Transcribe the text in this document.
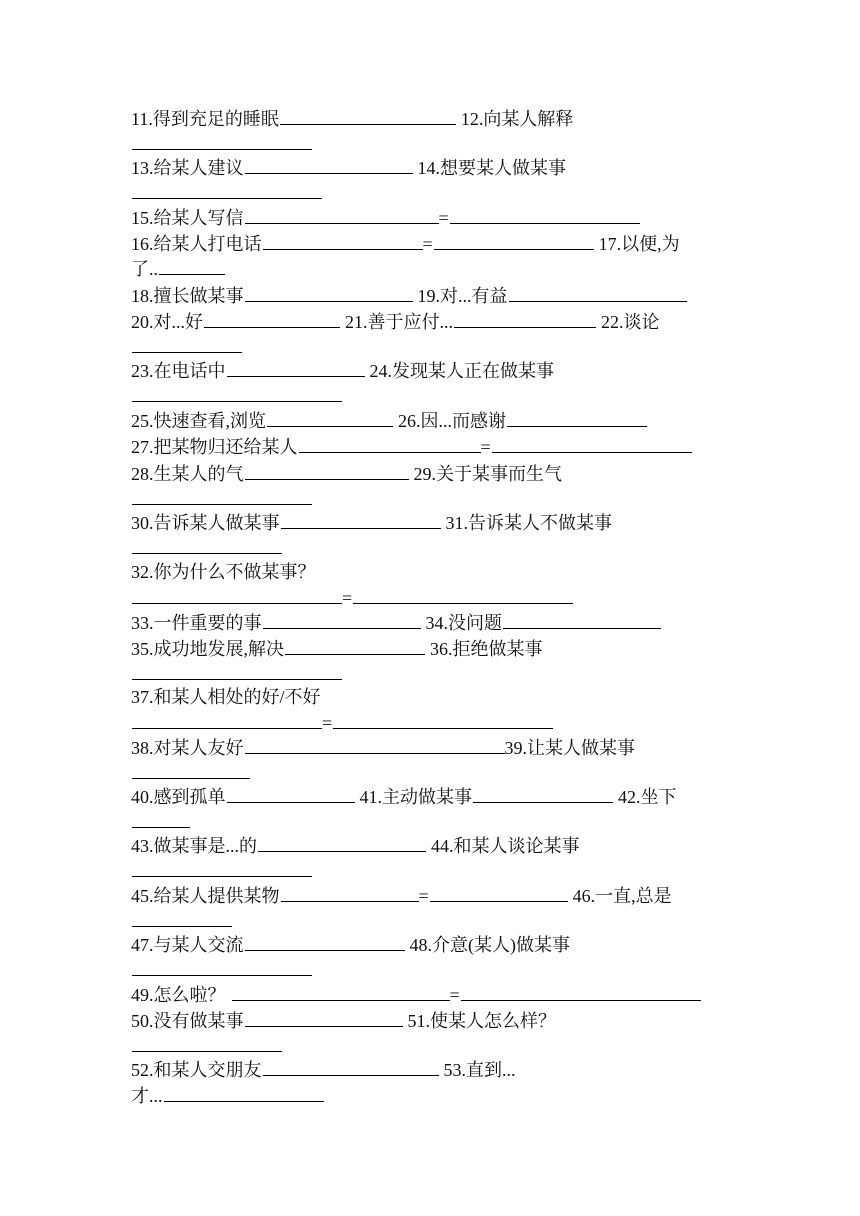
11.得到充足的睡眠	12.向某人解释
13.给某人建议	14.想要某人做某事
15.给某人写信	=
16.给某人打电话	=	17.以便,为
了..
18.擅长做某事	19.对...有益
20.对...好	21.善于应付...	22.谈论
23.在电话中	24.发现某人正在做某事
25.快速查看,浏览	26.因...而感谢
27.把某物归还给某人	=
28.生某人的气	29.关于某事而生气
30.告诉某人做某事	31.告诉某人不做某事
32.你为什么不做某事？
=
33.一件重要的事	34.没问题
35.成功地发展,解决	36.拒绝做某事
37.和某人相处的好/不好
=
38.对某人友好	39.让某人做某事
40.感到孤单	41.主动做某事	42.坐下
43.做某事是...的	44.和某人谈论某事
45.给某人提供某物	=	46.一直,总是
47.与某人交流	48.介意(某人)做某事
49.怎么啦？	=
50.没有做某事	51.使某人怎么样？
52.和某人交朋友	53.直到...
才...
